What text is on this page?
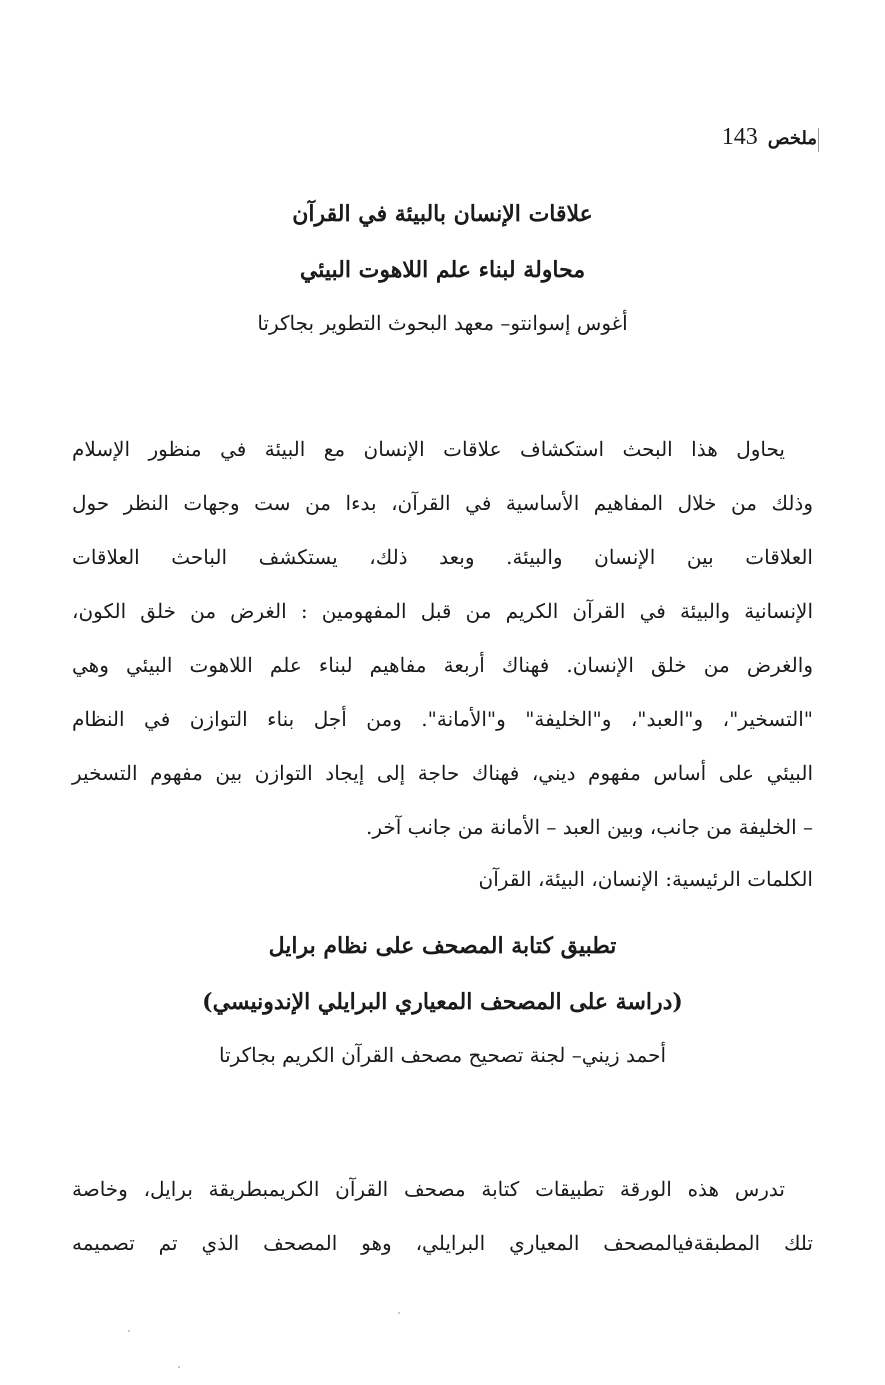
ملخص
143
علاقات الإنسان بالبيئة في القرآن
محاولة لبناء علم اللاهوت البيئي
أغوس إسوانتو– معهد البحوث التطوير بجاكرتا
يحاول هذا البحث استكشاف علاقات الإنسان مع البيئة في منظور الإسلام
وذلك من خلال المفاهيم الأساسية في القرآن، بدءا من ست وجهات النظر حول
العلاقات بين الإنسان والبيئة. وبعد ذلك، يستكشف الباحث العلاقات
الإنسانية والبيئة في القرآن الكريم من قبل المفهومين : الغرض من خلق الكون،
والغرض من خلق الإنسان. فهناك أربعة مفاهيم لبناء علم اللاهوت البيئي وهي
"التسخير"، و"العبد"، و"الخليفة" و"الأمانة". ومن أجل بناء التوازن في النظام
البيئي على أساس مفهوم ديني، فهناك حاجة إلى إيجاد التوازن بين مفهوم التسخير
– الخليفة من جانب، وبين العبد – الأمانة من جانب آخر.
الكلمات الرئيسية: الإنسان، البيئة، القرآن
تطبيق كتابة المصحف على نظام برايل
(دراسة على المصحف المعياري البرايلي الإندونيسي)
أحمد زيني– لجنة تصحيح مصحف القرآن الكريم بجاكرتا
تدرس هذه الورقة تطبيقات كتابة مصحف القرآن الكريمبطريقة برايل، وخاصة
تلك المطبقةفيالمصحف المعياري البرايلي، وهو المصحف الذي تم تصميمه
